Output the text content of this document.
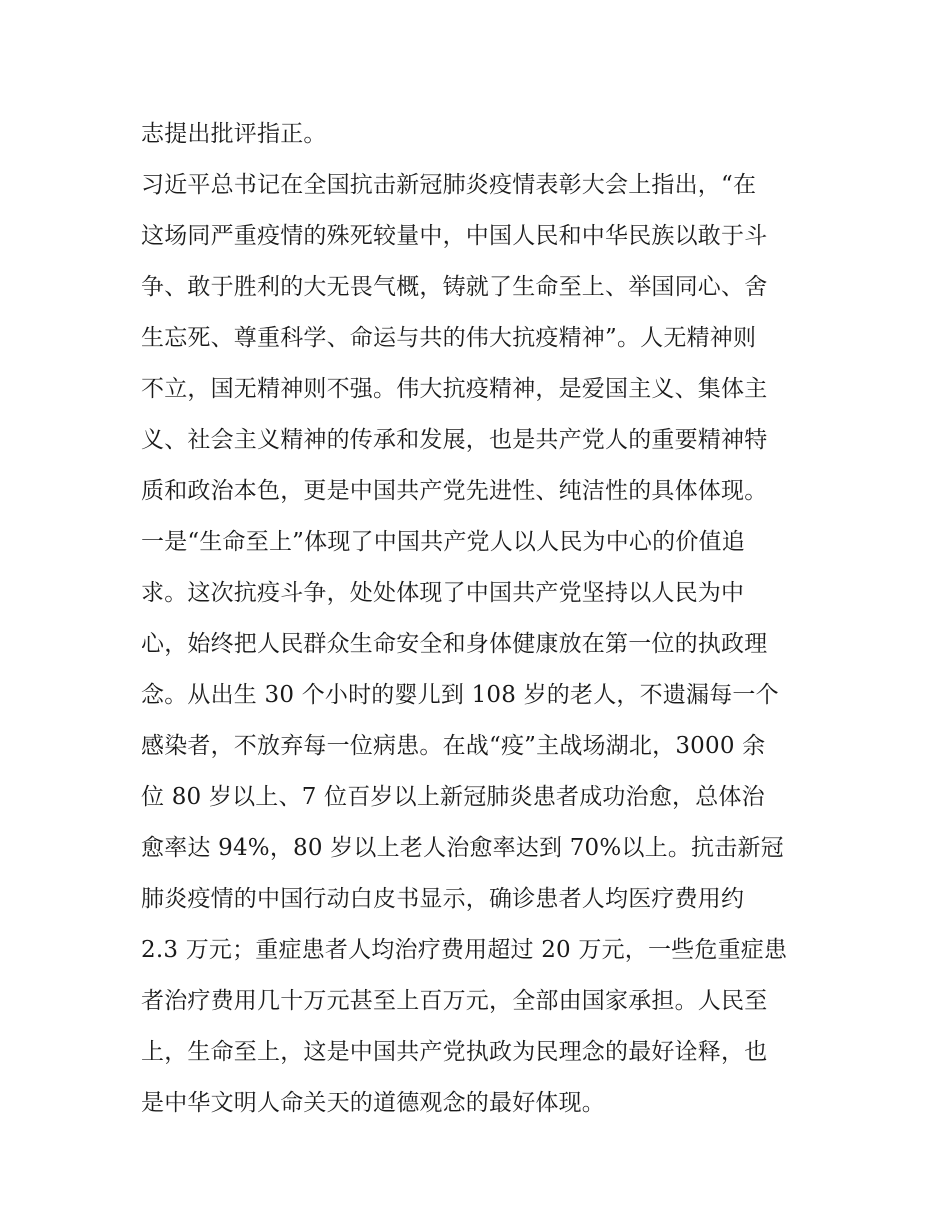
志提出批评指正。
习近平总书记在全国抗击新冠肺炎疫情表彰大会上指出，“在
这场同严重疫情的殊死较量中，中国人民和中华民族以敢于斗
争、敢于胜利的大无畏气概，铸就了生命至上、举国同心、舍
生忘死、尊重科学、命运与共的伟大抗疫精神”。人无精神则
不立，国无精神则不强。伟大抗疫精神，是爱国主义、集体主
义、社会主义精神的传承和发展，也是共产党人的重要精神特
质和政治本色，更是中国共产党先进性、纯洁性的具体体现。
一是“生命至上”体现了中国共产党人以人民为中心的价值追
求。这次抗疫斗争，处处体现了中国共产党坚持以人民为中
心，始终把人民群众生命安全和身体健康放在第一位的执政理
念。从出生 30 个小时的婴儿到 108 岁的老人，不遗漏每一个
感染者，不放弃每一位病患。在战“疫”主战场湖北，3000 余
位 80 岁以上、7 位百岁以上新冠肺炎患者成功治愈，总体治
愈率达 94%，80 岁以上老人治愈率达到 70%以上。抗击新冠
肺炎疫情的中国行动白皮书显示，确诊患者人均医疗费用约
2.3 万元；重症患者人均治疗费用超过 20 万元，一些危重症患
者治疗费用几十万元甚至上百万元，全部由国家承担。人民至
上，生命至上，这是中国共产党执政为民理念的最好诠释，也
是中华文明人命关天的道德观念的最好体现。
